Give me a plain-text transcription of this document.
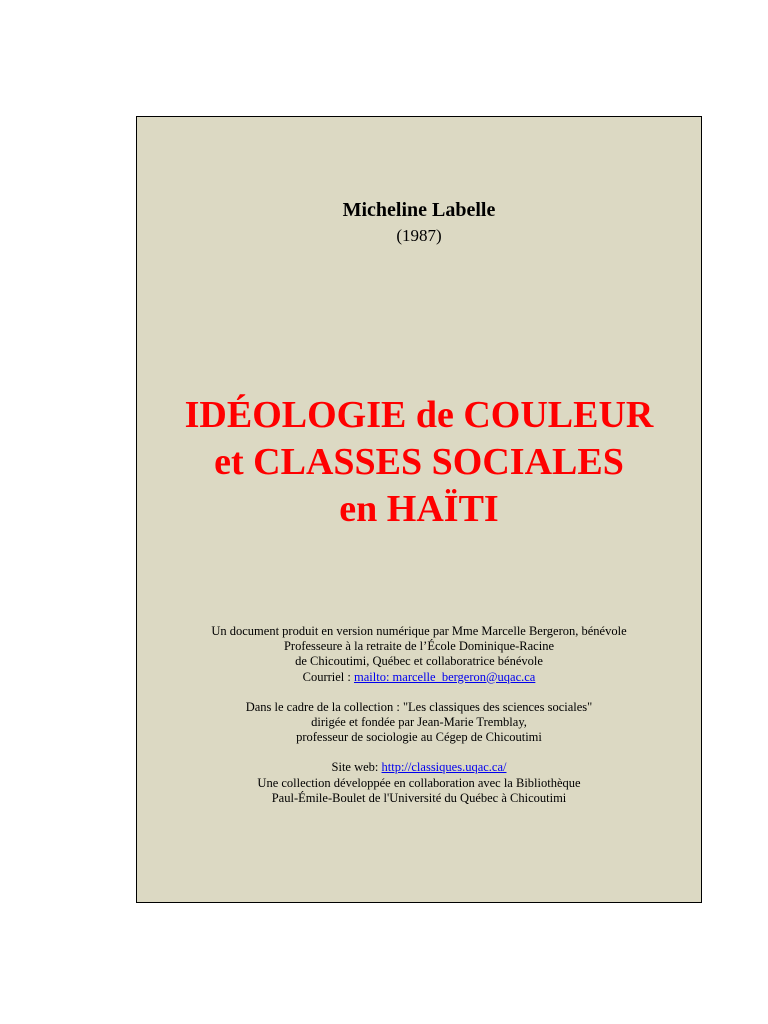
Micheline Labelle

(1987)

IDÉOLOGIE de COULEUR
et CLASSES SOCIALES
en HAÏTI
Un document produit en version numérique par Mme Marcelle Bergeron, bénévole
Professeure à la retraite de l’École Dominique-Racine
de Chicoutimi, Québec et collaboratrice bénévole
Courriel : mailto: marcelle_bergeron@uqac.ca
Dans le cadre de la collection : "Les classiques des sciences sociales"
dirigée et fondée par Jean-Marie Tremblay,
professeur de sociologie au Cégep de Chicoutimi
Site web: http://classiques.uqac.ca/
Une collection développée en collaboration avec la Bibliothèque
Paul-Émile-Boulet de l'Université du Québec à Chicoutimi
